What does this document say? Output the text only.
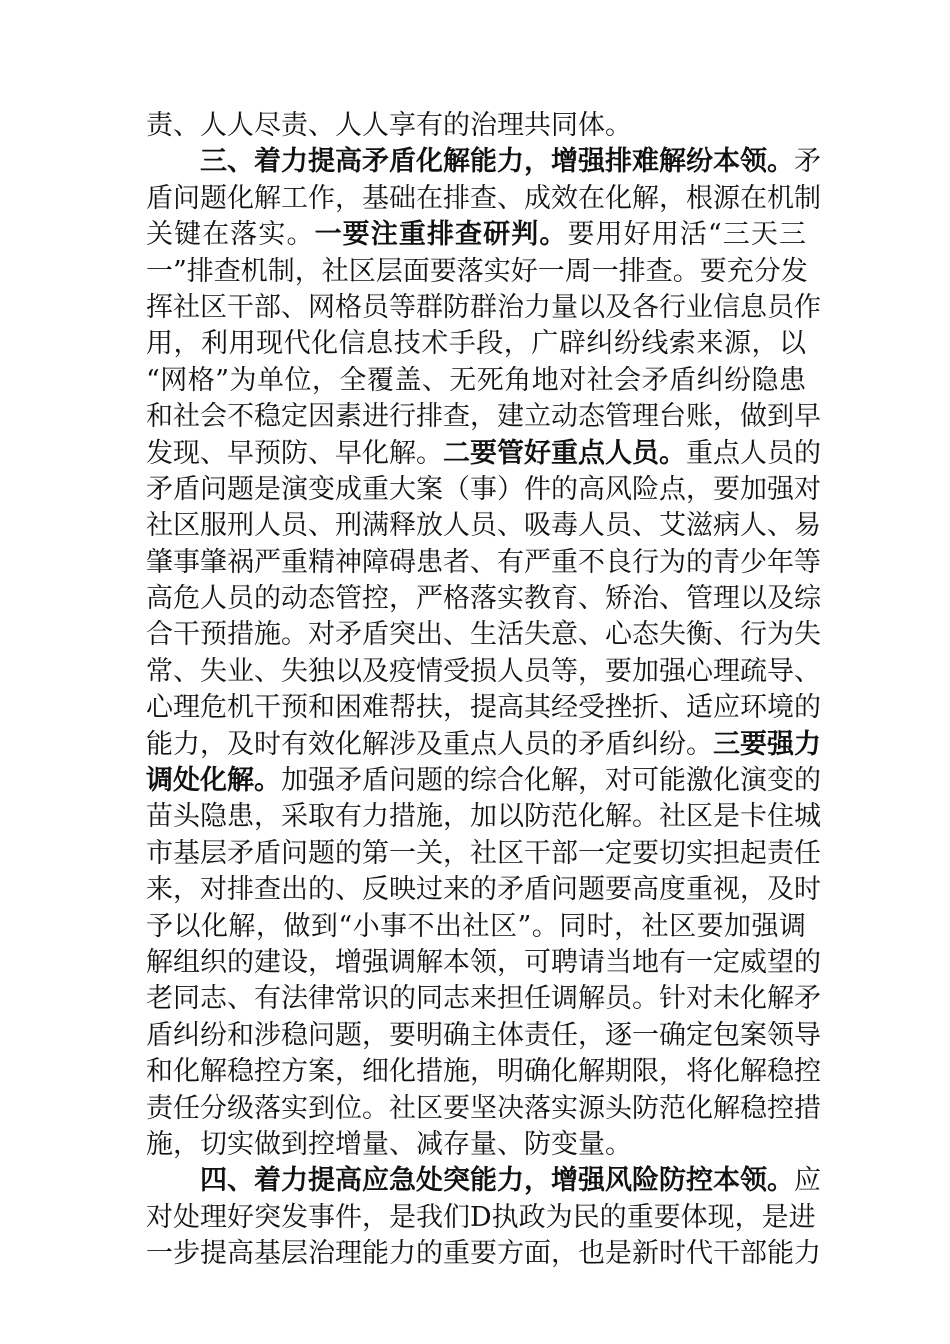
责、人人尽责、人人享有的治理共同体。
三、着力提高矛盾化解能力，增强排难解纷本领。矛
盾问题化解工作，基础在排查、成效在化解，根源在机制
关键在落实。一要注重排查研判。要用好用活“三天三
一”排查机制，社区层面要落实好一周一排查。要充分发
挥社区干部、网格员等群防群治力量以及各行业信息员作
用，利用现代化信息技术手段，广辟纠纷线索来源，以
“网格”为单位，全覆盖、无死角地对社会矛盾纠纷隐患
和社会不稳定因素进行排查，建立动态管理台账，做到早
发现、早预防、早化解。二要管好重点人员。重点人员的
矛盾问题是演变成重大案（事）件的高风险点，要加强对
社区服刑人员、刑满释放人员、吸毒人员、艾滋病人、易
肇事肇祸严重精神障碍患者、有严重不良行为的青少年等
高危人员的动态管控，严格落实教育、矫治、管理以及综
合干预措施。对矛盾突出、生活失意、心态失衡、行为失
常、失业、失独以及疫情受损人员等，要加强心理疏导、
心理危机干预和困难帮扶，提高其经受挫折、适应环境的
能力，及时有效化解涉及重点人员的矛盾纠纷。三要强力
调处化解。加强矛盾问题的综合化解，对可能激化演变的
苗头隐患，采取有力措施，加以防范化解。社区是卡住城
市基层矛盾问题的第一关，社区干部一定要切实担起责任
来，对排查出的、反映过来的矛盾问题要高度重视，及时
予以化解，做到“小事不出社区”。同时，社区要加强调
解组织的建设，增强调解本领，可聘请当地有一定威望的
老同志、有法律常识的同志来担任调解员。针对未化解矛
盾纠纷和涉稳问题，要明确主体责任，逐一确定包案领导
和化解稳控方案，细化措施，明确化解期限，将化解稳控
责任分级落实到位。社区要坚决落实源头防范化解稳控措
施，切实做到控增量、减存量、防变量。
四、着力提高应急处突能力，增强风险防控本领。应
对处理好突发事件，是我们D执政为民的重要体现，是进
一步提高基层治理能力的重要方面，也是新时代干部能力
